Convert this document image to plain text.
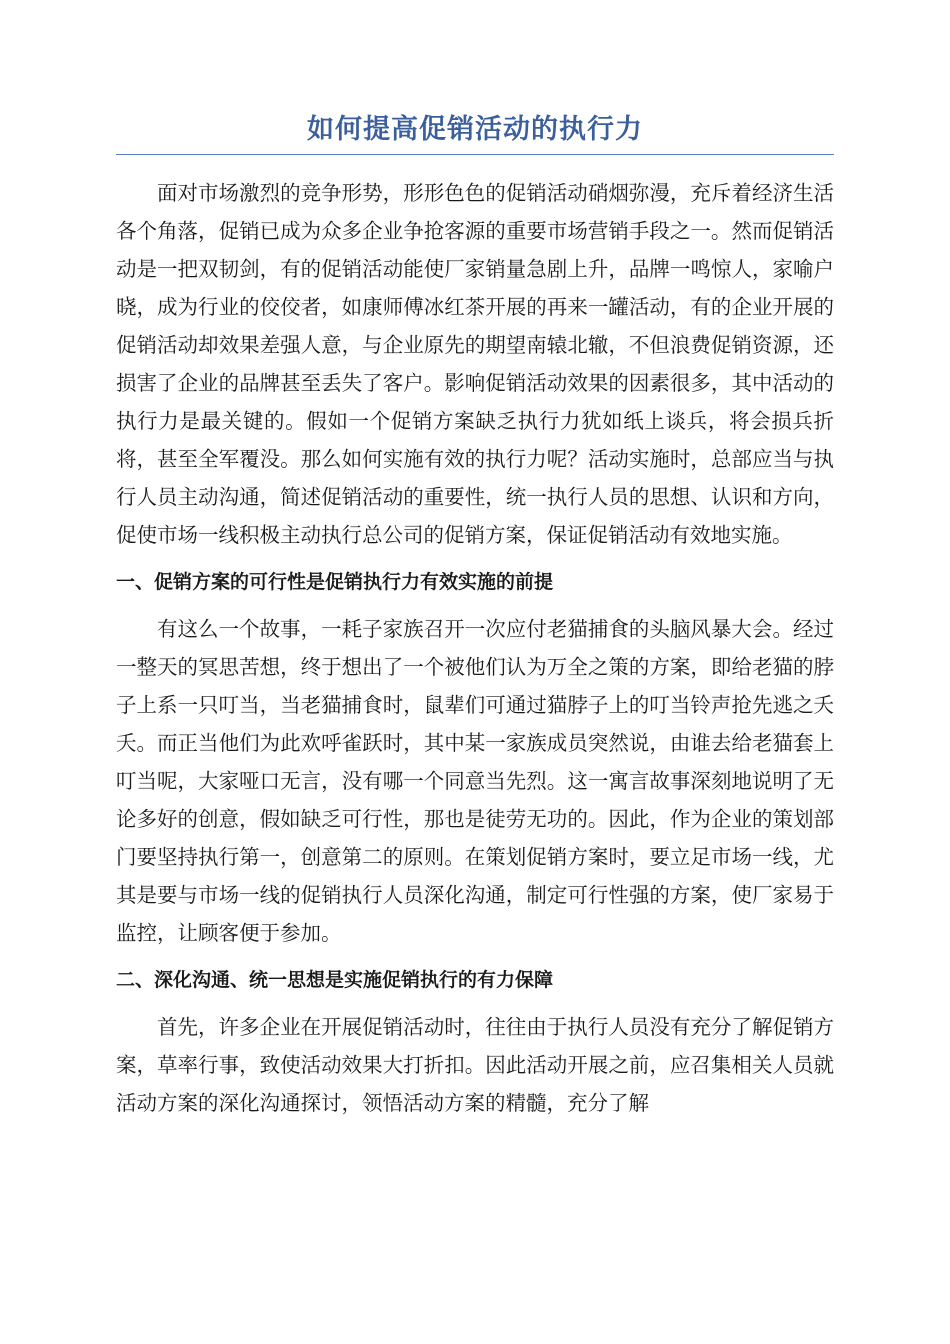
如何提高促销活动的执行力

面对市场激烈的竞争形势，形形色色的促销活动硝烟弥漫，充斥着经济生活各个角落，促销已成为众多企业争抢客源的重要市场营销手段之一。然而促销活动是一把双韧剑，有的促销活动能使厂家销量急剧上升，品牌一鸣惊人，家喻户晓，成为行业的佼佼者，如康师傅冰红茶开展的再来一罐活动，有的企业开展的促销活动却效果差强人意，与企业原先的期望南辕北辙，不但浪费促销资源，还损害了企业的品牌甚至丢失了客户。影响促销活动效果的因素很多，其中活动的执行力是最关键的。假如一个促销方案缺乏执行力犹如纸上谈兵，将会损兵折将，甚至全军覆没。那么如何实施有效的执行力呢？活动实施时，总部应当与执行人员主动沟通，简述促销活动的重要性，统一执行人员的思想、认识和方向，促使市场一线积极主动执行总公司的促销方案，保证促销活动有效地实施。

一、促销方案的可行性是促销执行力有效实施的前提

有这么一个故事，一耗子家族召开一次应付老猫捕食的头脑风暴大会。经过一整天的冥思苦想，终于想出了一个被他们认为万全之策的方案，即给老猫的脖子上系一只叮当，当老猫捕食时，鼠辈们可通过猫脖子上的叮当铃声抢先逃之夭夭。而正当他们为此欢呼雀跃时，其中某一家族成员突然说，由谁去给老猫套上叮当呢，大家哑口无言，没有哪一个同意当先烈。这一寓言故事深刻地说明了无论多好的创意，假如缺乏可行性，那也是徒劳无功的。因此，作为企业的策划部门要坚持执行第一，创意第二的原则。在策划促销方案时，要立足市场一线，尤其是要与市场一线的促销执行人员深化沟通，制定可行性强的方案，使厂家易于监控，让顾客便于参加。

二、深化沟通、统一思想是实施促销执行的有力保障

首先，许多企业在开展促销活动时，往往由于执行人员没有充分了解促销方案，草率行事，致使活动效果大打折扣。因此活动开展之前，应召集相关人员就活动方案的深化沟通探讨，领悟活动方案的精髓，充分了解
